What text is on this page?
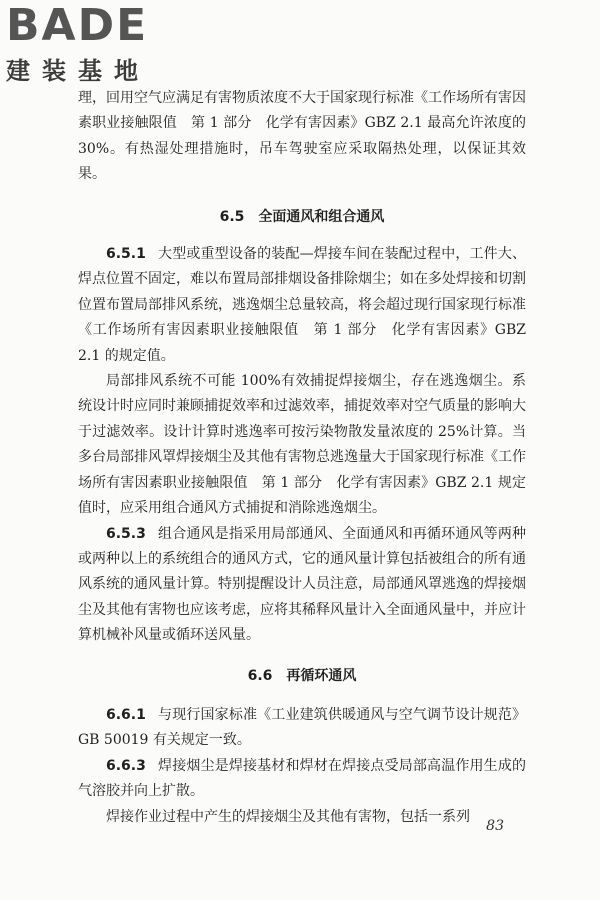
BADE
建装基地

理，回用空气应满足有害物质浓度不大于国家现行标准《工作场所有害因素职业接触限值　第 1 部分　化学有害因素》GBZ 2.1 最高允许浓度的 30%。有热湿处理措施时，吊车驾驶室应采取隔热处理，以保证其效果。

6.5 全面通风和组合通风

6.5.1 大型或重型设备的装配—焊接车间在装配过程中，工件大、焊点位置不固定，难以布置局部排烟设备排除烟尘；如在多处焊接和切割位置布置局部排风系统，逃逸烟尘总量较高，将会超过现行国家现行标准《工作场所有害因素职业接触限值　第 1 部分　化学有害因素》GBZ 2.1 的规定值。

局部排风系统不可能 100%有效捕捉焊接烟尘，存在逃逸烟尘。系统设计时应同时兼顾捕捉效率和过滤效率，捕捉效率对空气质量的影响大于过滤效率。设计计算时逃逸率可按污染物散发量浓度的 25%计算。当多台局部排风罩焊接烟尘及其他有害物总逃逸量大于国家现行标准《工作场所有害因素职业接触限值　第 1 部分　化学有害因素》GBZ 2.1 规定值时，应采用组合通风方式捕捉和消除逃逸烟尘。

6.5.3 组合通风是指采用局部通风、全面通风和再循环通风等两种或两种以上的系统组合的通风方式，它的通风量计算包括被组合的所有通风系统的通风量计算。特别提醒设计人员注意，局部通风罩逃逸的焊接烟尘及其他有害物也应该考虑，应将其稀释风量计入全面通风量中，并应计算机械补风量或循环送风量。

6.6 再循环通风

6.6.1 与现行国家标准《工业建筑供暖通风与空气调节设计规范》GB 50019 有关规定一致。

6.6.3 焊接烟尘是焊接基材和焊材在焊接点受局部高温作用生成的气溶胶并向上扩散。

焊接作业过程中产生的焊接烟尘及其他有害物，包括一系列

83
